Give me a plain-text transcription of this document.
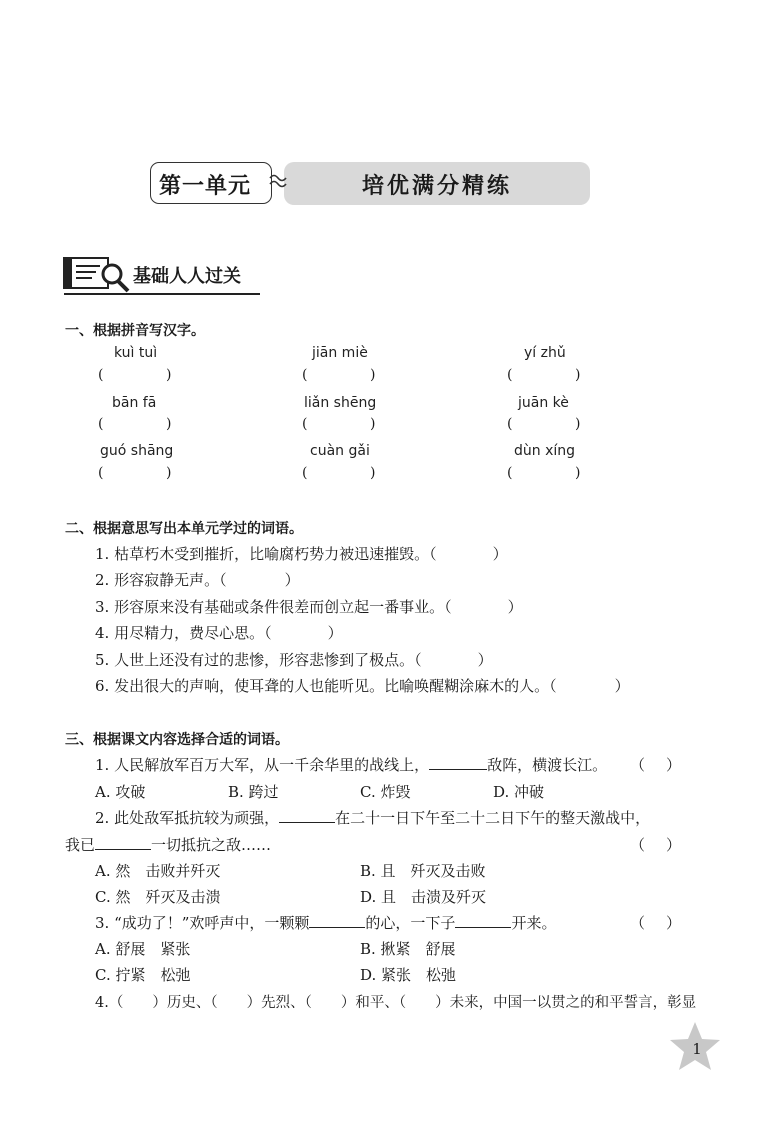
第一单元	培优满分精练
基础人人过关
一、根据拼音写汉字。
kuì tuì	jiān miè	yí zhǔ
(	)	(	)	(	)
bān fā	liǎn shēng	juān kè
(	)	(	)	(	)
guó shāng	cuàn gǎi	dùn xíng
(	)	(	)	(	)
二、根据意思写出本单元学过的词语。
1. 枯草朽木受到摧折，比喻腐朽势力被迅速摧毁。（	）
2. 形容寂静无声。（	）
3. 形容原来没有基础或条件很差而创立起一番事业。（	）
4. 用尽精力，费尽心思。（	）
5. 人世上还没有过的悲惨，形容悲惨到了极点。（	）
6. 发出很大的声响，使耳聋的人也能听见。比喻唤醒糊涂麻木的人。（	）
三、根据课文内容选择合适的词语。
1. 人民解放军百万大军，从一千余华里的战线上，	敌阵，横渡长江。 （ ）
A. 攻破	B. 跨过	C. 炸毁	D. 冲破
2. 此处敌军抵抗较为顽强，	在二十一日下午至二十二日下午的整天激战中，
我已	一切抵抗之敌……	（ ）
A. 然　击败并歼灭	B. 且　歼灭及击败
C. 然　歼灭及击溃	D. 且　击溃及歼灭
3. “成功了！”欢呼声中，一颗颗	的心，一下子	开来。	（ ）
A. 舒展　紧张	B. 揪紧　舒展
C. 拧紧　松弛	D. 紧张　松弛
4.（　　）历史、（　　）先烈、（　　）和平、（　　）未来，中国一以贯之的和平誓言，彰显
1
